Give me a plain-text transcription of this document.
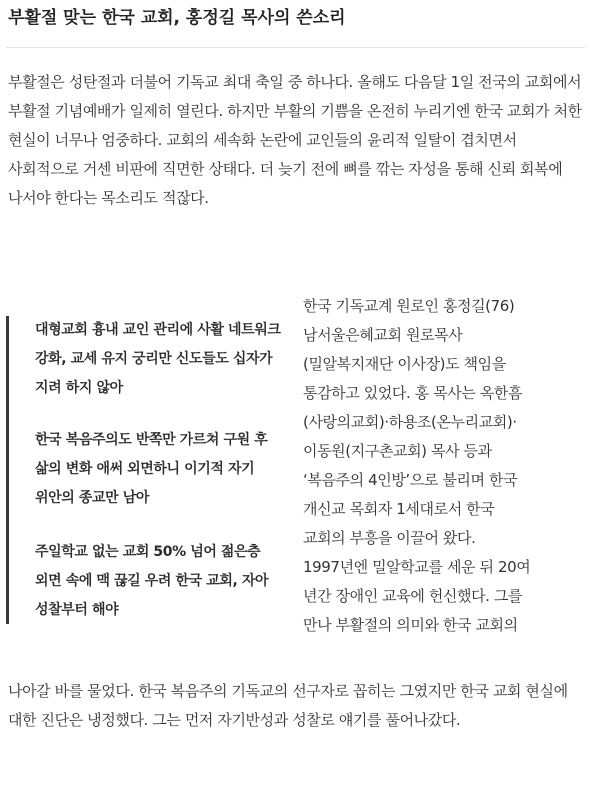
부활절 맞는 한국 교회, 홍정길 목사의 쓴소리

부활절은 성탄절과 더불어 기독교 최대 축일 중 하나다. 올해도 다음달 1일 전국의 교회에서 부활절 기념예배가 일제히 열린다. 하지만 부활의 기쁨을 온전히 누리기엔 한국 교회가 처한 현실이 너무나 엄중하다. 교회의 세속화 논란에 교인들의 윤리적 일탈이 겹치면서 사회적으로 거센 비판에 직면한 상태다. 더 늦기 전에 뼈를 깎는 자성을 통해 신뢰 회복에 나서야 한다는 목소리도 적잖다.

대형교회 흉내 교인 관리에 사활 네트워크 강화, 교세 유지 궁리만 신도들도 십자가 지려 하지 않아

한국 복음주의도 반쪽만 가르쳐 구원 후 삶의 변화 애써 외면하니 이기적 자기 위안의 종교만 남아

주일학교 없는 교회 50% 넘어 젊은층 외면 속에 맥 끊길 우려 한국 교회, 자아 성찰부터 해야

한국 기독교계 원로인 홍정길(76)
남서울은혜교회 원로목사
(밀알복지재단 이사장)도 책임을
통감하고 있었다. 홍 목사는 옥한흠
(사랑의교회)·하용조(온누리교회)·
이동원(지구촌교회) 목사 등과
‘복음주의 4인방’으로 불리며 한국
개신교 목회자 1세대로서 한국
교회의 부흥을 이끌어 왔다.
1997년엔 밀알학교를 세운 뒤 20여
년간 장애인 교육에 헌신했다. 그를
만나 부활절의 의미와 한국 교회의

나아갈 바를 물었다. 한국 복음주의 기독교의 선구자로 꼽히는 그였지만 한국 교회 현실에 대한 진단은 냉정했다. 그는 먼저 자기반성과 성찰로 얘기를 풀어나갔다.
